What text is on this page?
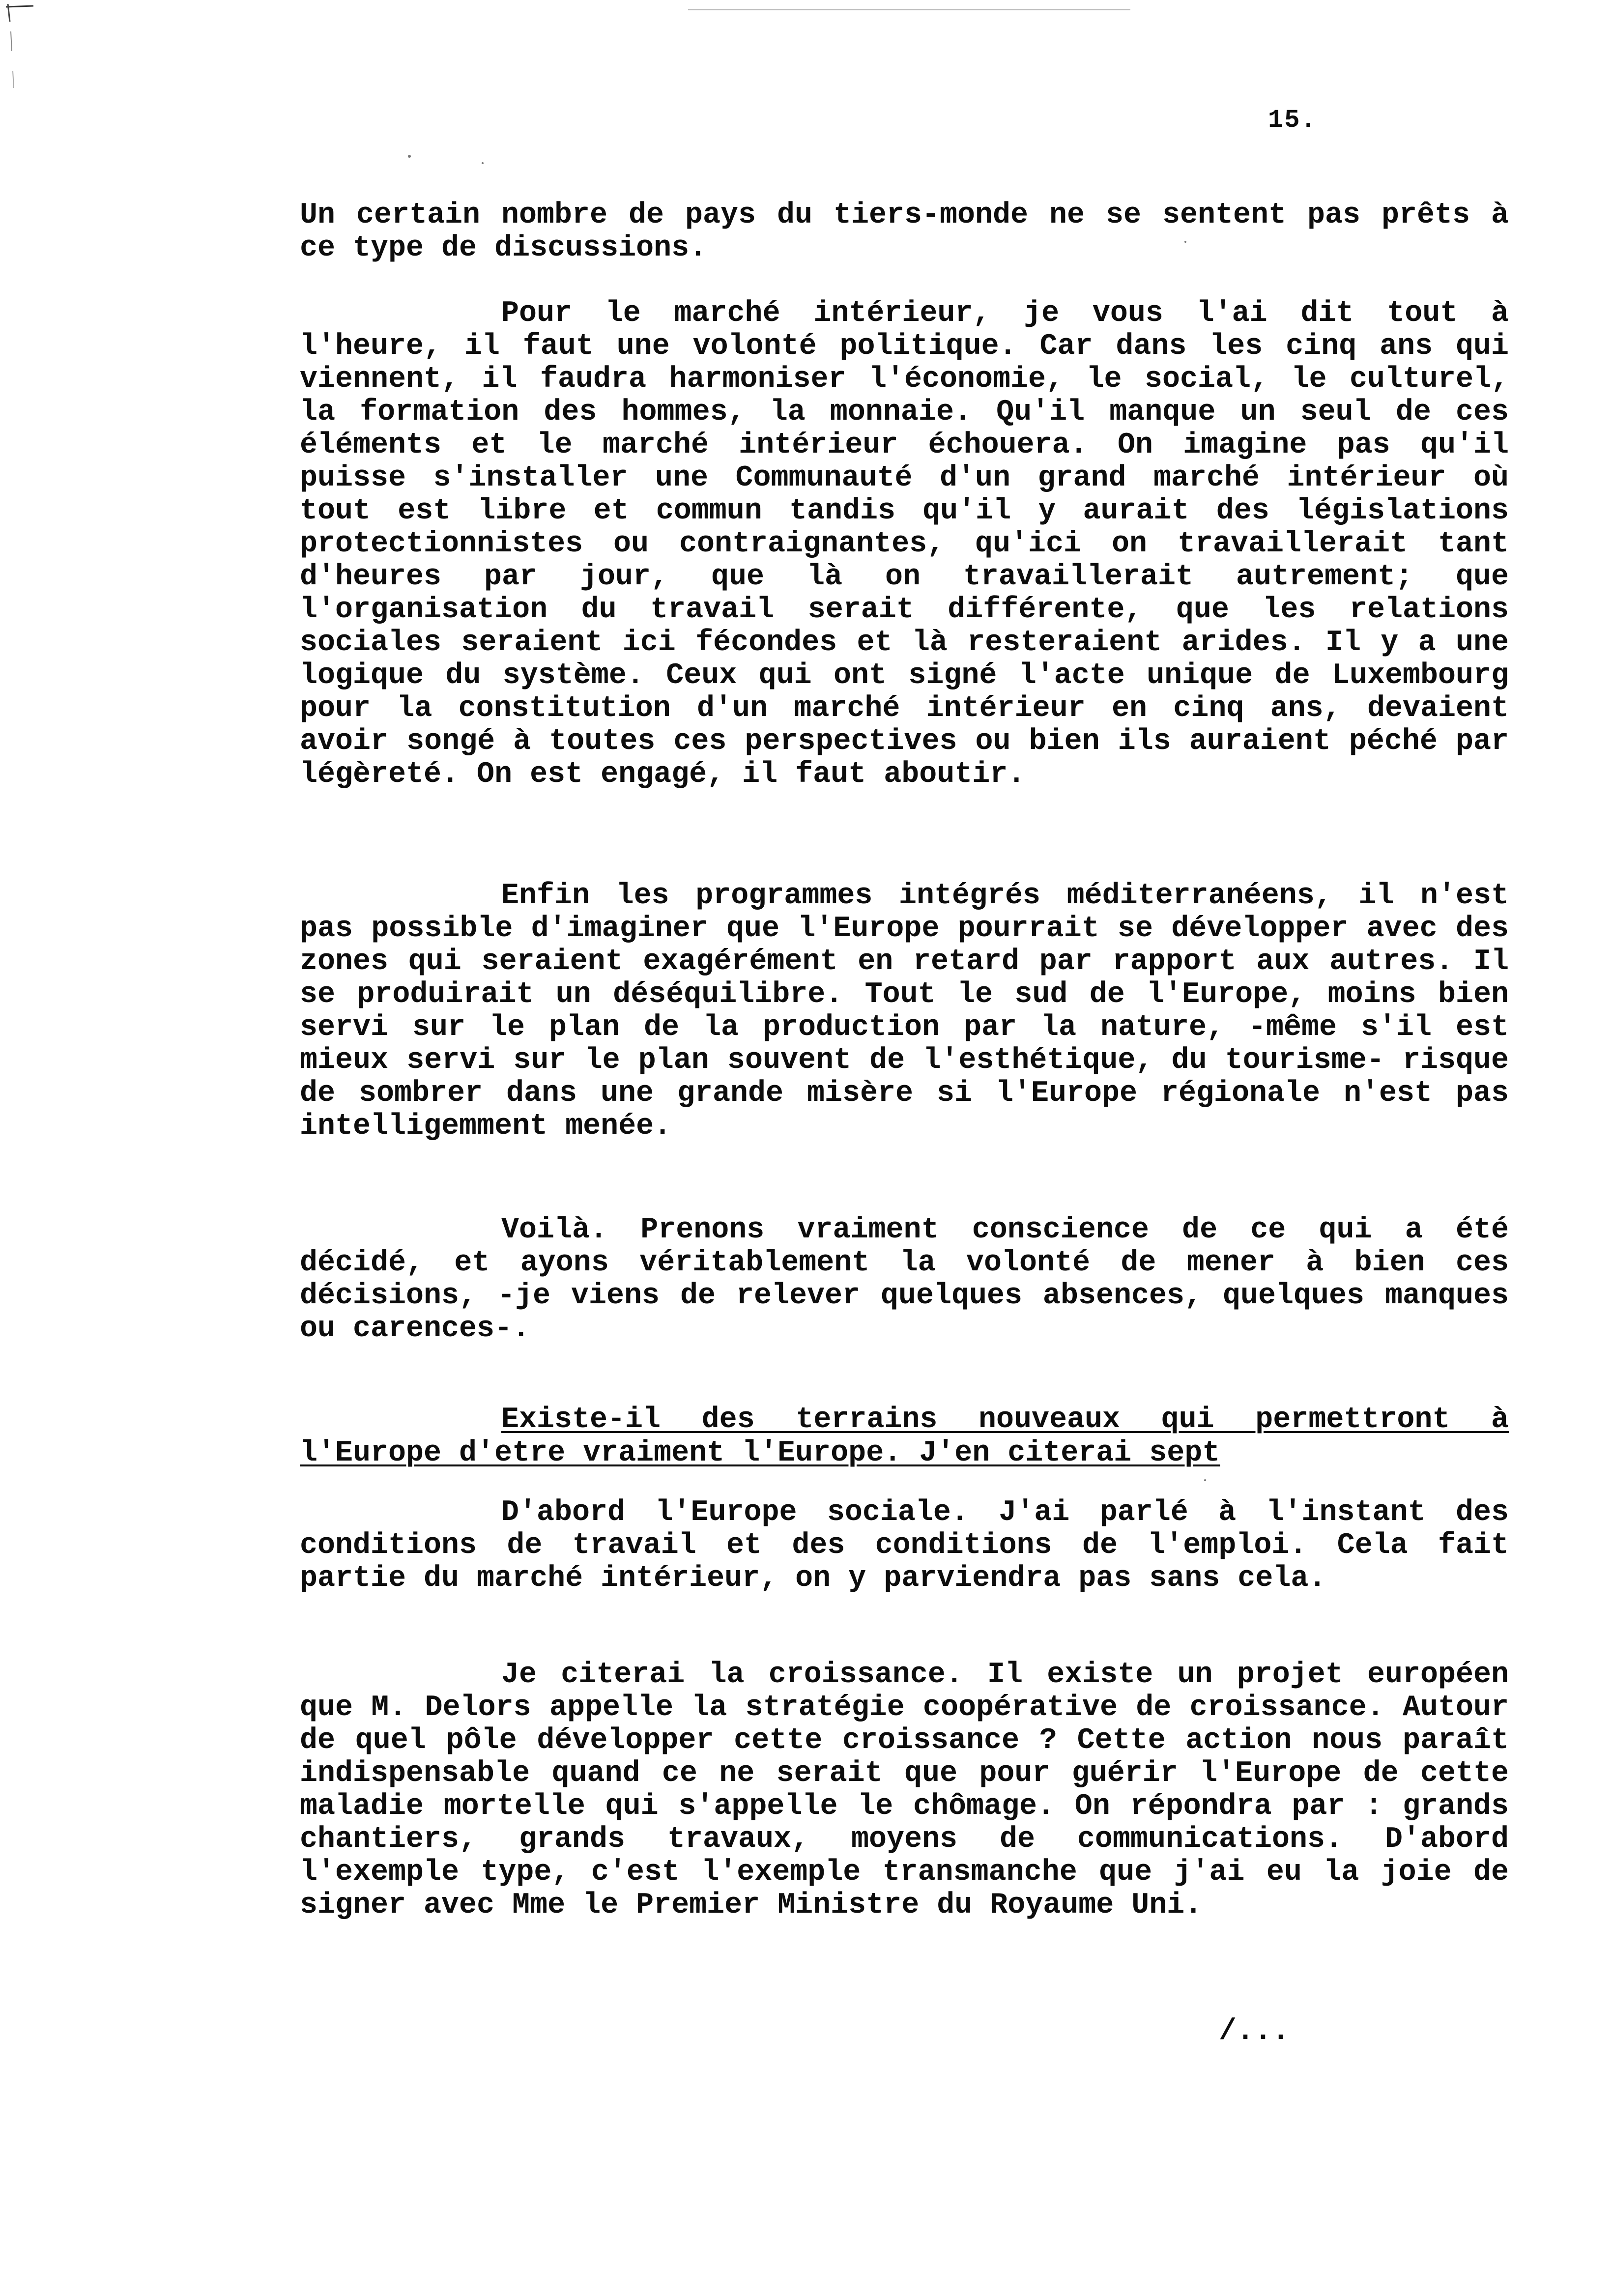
15.

Un certain nombre de pays du tiers-monde ne se sentent pas prêts à ce type de discussions.

Pour le marché intérieur, je vous l'ai dit tout à l'heure, il faut une volonté politique. Car dans les cinq ans qui viennent, il faudra harmoniser l'économie, le social, le culturel, la formation des hommes, la monnaie. Qu'il manque un seul de ces éléments et le marché intérieur échouera. On imagine pas qu'il puisse s'installer une Communauté d'un grand marché intérieur où tout est libre et commun tandis qu'il y aurait des législations protectionnistes ou contraignantes, qu'ici on travaillerait tant d'heures par jour, que là on travaillerait autrement; que l'organisation du travail serait différente, que les relations sociales seraient ici fécondes et là resteraient arides. Il y a une logique du système. Ceux qui ont signé l'acte unique de Luxembourg pour la constitution d'un marché intérieur en cinq ans, devaient avoir songé à toutes ces perspectives ou bien ils auraient péché par légèreté. On est engagé, il faut aboutir.

Enfin les programmes intégrés méditerranéens, il n'est pas possible d'imaginer que l'Europe pourrait se développer avec des zones qui seraient exagérément en retard par rapport aux autres. Il se produirait un déséquilibre. Tout le sud de l'Europe, moins bien servi sur le plan de la production par la nature, -même s'il est mieux servi sur le plan souvent de l'esthétique, du tourisme- risque de sombrer dans une grande misère si l'Europe régionale n'est pas intelligemment menée.

Voilà. Prenons vraiment conscience de ce qui a été décidé, et ayons véritablement la volonté de mener à bien ces décisions, -je viens de relever quelques absences, quelques manques ou carences-.

Existe-il des terrains nouveaux qui permettront à l'Europe d'etre vraiment l'Europe. J'en citerai sept

D'abord l'Europe sociale. J'ai parlé à l'instant des conditions de travail et des conditions de l'emploi. Cela fait partie du marché intérieur, on y parviendra pas sans cela.

Je citerai la croissance. Il existe un projet européen que M. Delors appelle la stratégie coopérative de croissance. Autour de quel pôle développer cette croissance ? Cette action nous paraît indispensable quand ce ne serait que pour guérir l'Europe de cette maladie mortelle qui s'appelle le chômage. On répondra par : grands chantiers, grands travaux, moyens de communications. D'abord l'exemple type, c'est l'exemple transmanche que j'ai eu la joie de signer avec Mme le Premier Ministre du Royaume Uni.

/...
